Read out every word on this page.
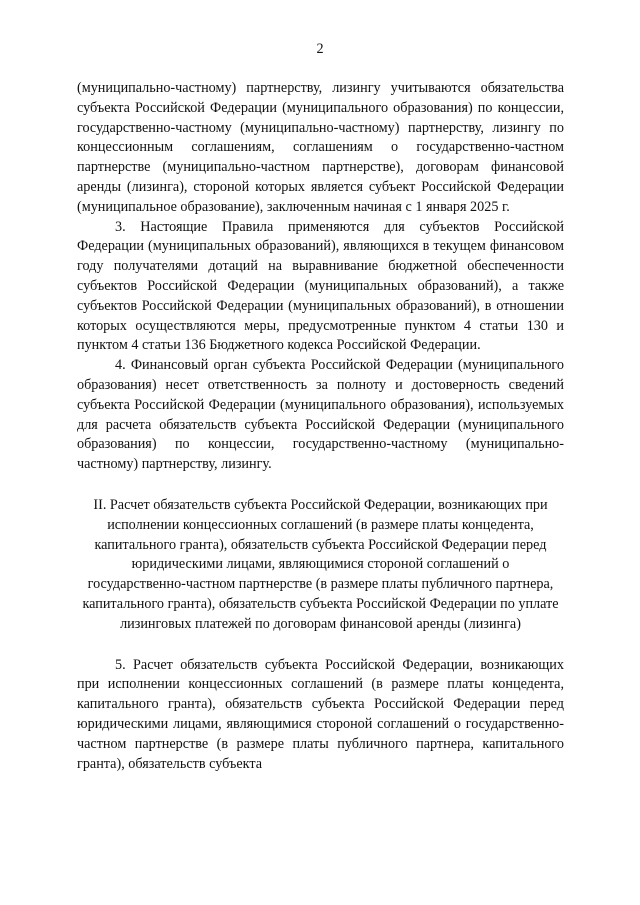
2

(муниципально-частному) партнерству, лизингу учитываются обязательства субъекта Российской Федерации (муниципального образования) по концессии, государственно-частному (муниципально-частному) партнерству, лизингу по концессионным соглашениям, соглашениям о государственно-частном партнерстве (муниципально-частном партнерстве), договорам финансовой аренды (лизинга), стороной которых является субъект Российской Федерации (муниципальное образование), заключенным начиная с 1 января 2025 г.

3. Настоящие Правила применяются для субъектов Российской Федерации (муниципальных образований), являющихся в текущем финансовом году получателями дотаций на выравнивание бюджетной обеспеченности субъектов Российской Федерации (муниципальных образований), а также субъектов Российской Федерации (муниципальных образований), в отношении которых осуществляются меры, предусмотренные пунктом 4 статьи 130 и пунктом 4 статьи 136 Бюджетного кодекса Российской Федерации.

4. Финансовый орган субъекта Российской Федерации (муниципального образования) несет ответственность за полноту и достоверность сведений субъекта Российской Федерации (муниципального образования), используемых для расчета обязательств субъекта Российской Федерации (муниципального образования) по концессии, государственно-частному (муниципально-частному) партнерству, лизингу.

II. Расчет обязательств субъекта Российской Федерации, возникающих при исполнении концессионных соглашений (в размере платы концедента, капитального гранта), обязательств субъекта Российской Федерации перед юридическими лицами, являющимися стороной соглашений о государственно-частном партнерстве (в размере платы публичного партнера, капитального гранта), обязательств субъекта Российской Федерации по уплате лизинговых платежей по договорам финансовой аренды (лизинга)

5. Расчет обязательств субъекта Российской Федерации, возникающих при исполнении концессионных соглашений (в размере платы концедента, капитального гранта), обязательств субъекта Российской Федерации перед юридическими лицами, являющимися стороной соглашений о государственно-частном партнерстве (в размере платы публичного партнера, капитального гранта), обязательств субъекта
